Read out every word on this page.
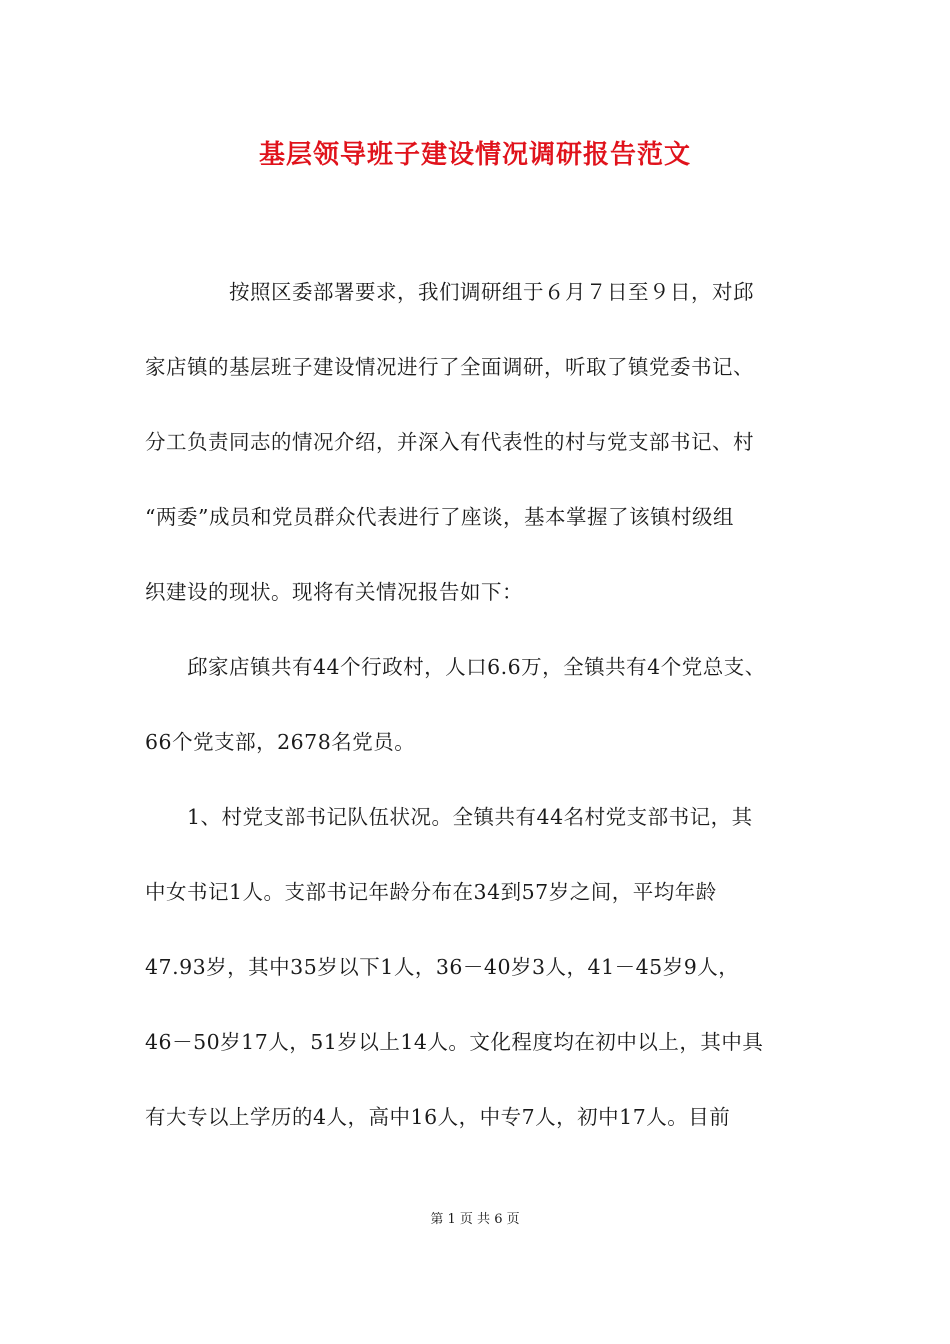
基层领导班子建设情况调研报告范文
　　　　按照区委部署要求，我们调研组于６月７日至９日，对邱
家店镇的基层班子建设情况进行了全面调研，听取了镇党委书记、
分工负责同志的情况介绍，并深入有代表性的村与党支部书记、村
“两委”成员和党员群众代表进行了座谈，基本掌握了该镇村级组
织建设的现状。现将有关情况报告如下：
　　邱家店镇共有44个行政村，人口6.6万，全镇共有4个党总支、
66个党支部，2678名党员。
　　1、村党支部书记队伍状况。全镇共有44名村党支部书记，其
中女书记1人。支部书记年龄分布在34到57岁之间，平均年龄
47.93岁，其中35岁以下1人，36－40岁3人，41－45岁9人，
46－50岁17人，51岁以上14人。文化程度均在初中以上，其中具
有大专以上学历的4人，高中16人，中专7人，初中17人。目前
第 1 页 共 6 页
